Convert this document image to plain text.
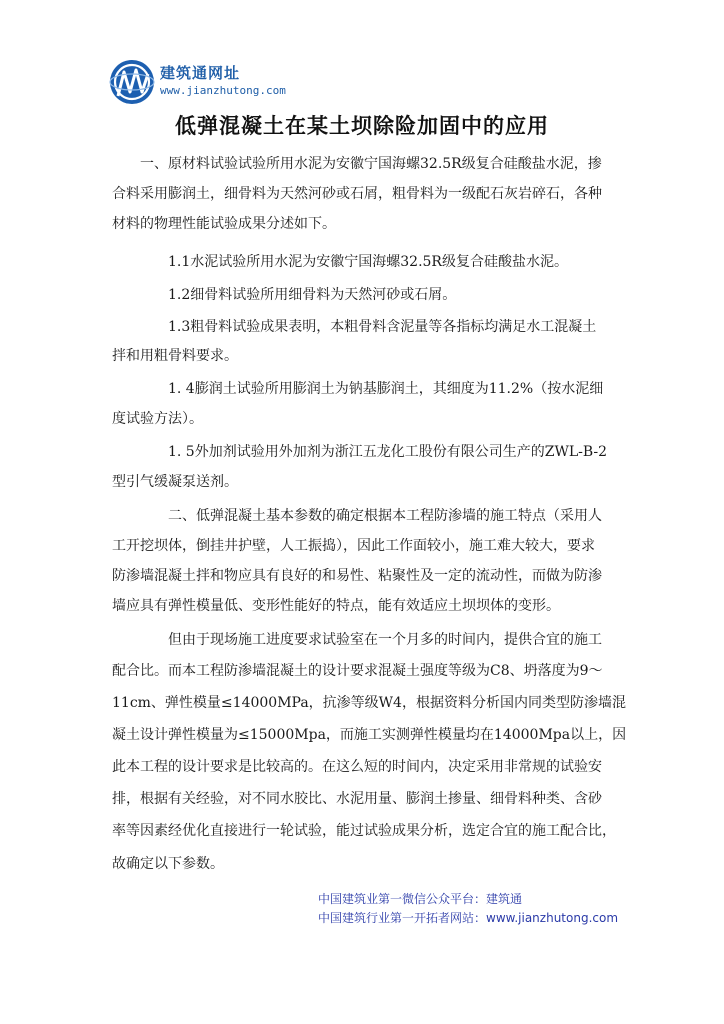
建筑通网址
www.jianzhutong.com
低弹混凝土在某土坝除险加固中的应用
一、原材料试验试验所用水泥为安徽宁国海螺32.5R级复合硅酸盐水泥，掺
合料采用膨润土，细骨料为天然河砂或石屑，粗骨料为一级配石灰岩碎石，各种
材料的物理性能试验成果分述如下。
1.1水泥试验所用水泥为安徽宁国海螺32.5R级复合硅酸盐水泥。
1.2细骨料试验所用细骨料为天然河砂或石屑。
1.3粗骨料试验成果表明，本粗骨料含泥量等各指标均满足水工混凝土
拌和用粗骨料要求。
1. 4膨润土试验所用膨润土为钠基膨润土，其细度为11.2%（按水泥细
度试验方法）。
1. 5外加剂试验用外加剂为浙江五龙化工股份有限公司生产的ZWL-B-2
型引气缓凝泵送剂。
二、低弹混凝土基本参数的确定根据本工程防渗墙的施工特点（采用人
工开挖坝体，倒挂井护壁，人工振捣），因此工作面较小，施工难大较大，要求
防渗墙混凝土拌和物应具有良好的和易性、粘聚性及一定的流动性，而做为防渗
墙应具有弹性模量低、变形性能好的特点，能有效适应土坝坝体的变形。
但由于现场施工进度要求试验室在一个月多的时间内，提供合宜的施工
配合比。而本工程防渗墙混凝土的设计要求混凝土强度等级为C8、坍落度为9～
11cm、弹性模量≤14000MPa，抗渗等级W4，根据资料分析国内同类型防渗墙混
凝土设计弹性模量为≤15000Mpa，而施工实测弹性模量均在14000Mpa以上，因
此本工程的设计要求是比较高的。在这么短的时间内，决定采用非常规的试验安
排，根据有关经验，对不同水胶比、水泥用量、膨润土掺量、细骨料种类、含砂
率等因素经优化直接进行一轮试验，能过试验成果分析，选定合宜的施工配合比，
故确定以下参数。
中国建筑业第一微信公众平台：建筑通
中国建筑行业第一开拓者网站：www.jianzhutong.com
